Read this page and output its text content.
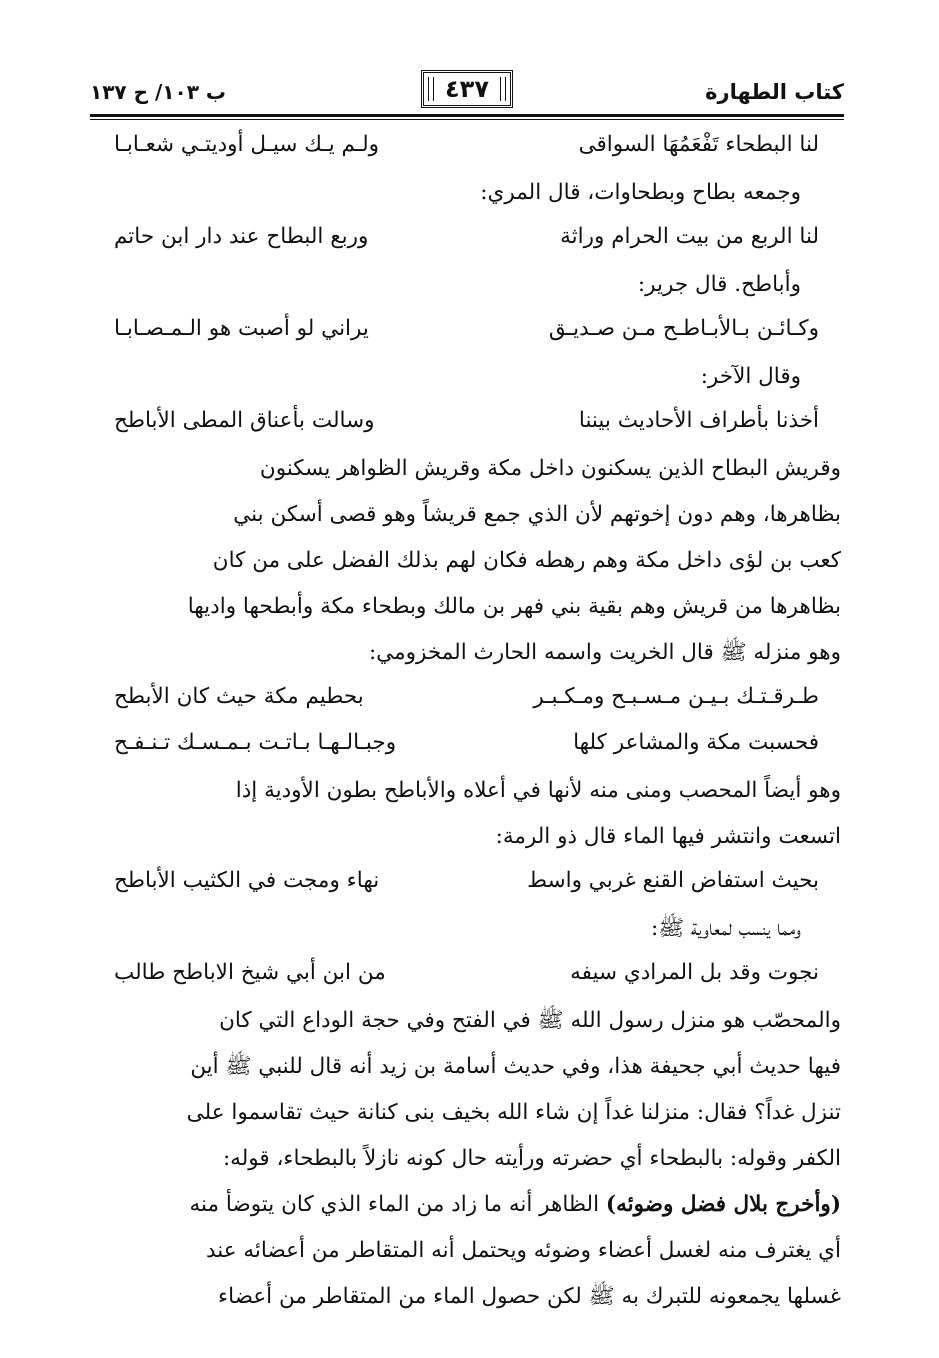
كتاب الطهارة
٤٣٧
ب ١٠٣/ ح ١٣٧
لنا البطحاء تَفْعَمُهَا السواقى
ولـم يـك سيـل أوديتـي شعـابـا
وجمعه بطاح وبطحاوات، قال المري:
لنا الربع من بيت الحرام وراثة
وربع البطاح عند دار ابن حاتم
وأباطح. قال جرير:
وكـائـن بـالأبـاطـح مـن صـديـق
يراني لو أصبت هو الـمـصـابـا
وقال الآخر:
أخذنا بأطراف الأحاديث بيننا
وسالت بأعناق المطى الأباطح
وقريش البطاح الذين يسكنون داخل مكة وقريش الظواهر يسكنون
بظاهرها، وهم دون إخوتهم لأن الذي جمع قريشاً وهو قصى أسكن بني
كعب بن لؤى داخل مكة وهم رهطه فكان لهم بذلك الفضل على من كان
بظاهرها من قريش وهم بقية بني فهر بن مالك وبطحاء مكة وأبطحها واديها
وهو منزله ﷺ قال الخريت واسمه الحارث المخزومي:
طـرقـتـك بـيـن مـسـبـح ومـكـبـر
بحطيم مكة حيث كان الأبطح
فحسبت مكة والمشاعر كلها
وجبـالـهـا بـاتـت بـمـسـك تـنـفـح
وهو أيضاً المحصب ومنى منه لأنها في أعلاه والأباطح بطون الأودية إذا
اتسعت وانتشر فيها الماء قال ذو الرمة:
بحيث استفاض القنع غربي واسط
نهاء ومجت في الكثيب الأباطح
ومما ينسب لمعاوية ﷺ:
نجوت وقد بل المرادي سيفه
من ابن أبي شيخ الاباطح طالب
والمحصّب هو منزل رسول الله ﷺ في الفتح وفي حجة الوداع التي كان
فيها حديث أبي جحيفة هذا، وفي حديث أسامة بن زيد أنه قال للنبي ﷺ أين
تنزل غداً؟ فقال: منزلنا غداً إن شاء الله بخيف بنى كنانة حيث تقاسموا على
الكفر وقوله: بالبطحاء أي حضرته ورأيته حال كونه نازلاً بالبطحاء، قوله:
(وأخرج بلال فضل وضوئه) الظاهر أنه ما زاد من الماء الذي كان يتوضأ منه
أي يغترف منه لغسل أعضاء وضوئه ويحتمل أنه المتقاطر من أعضائه عند
غسلها يجمعونه للتبرك به ﷺ لكن حصول الماء من المتقاطر من أعضاء
